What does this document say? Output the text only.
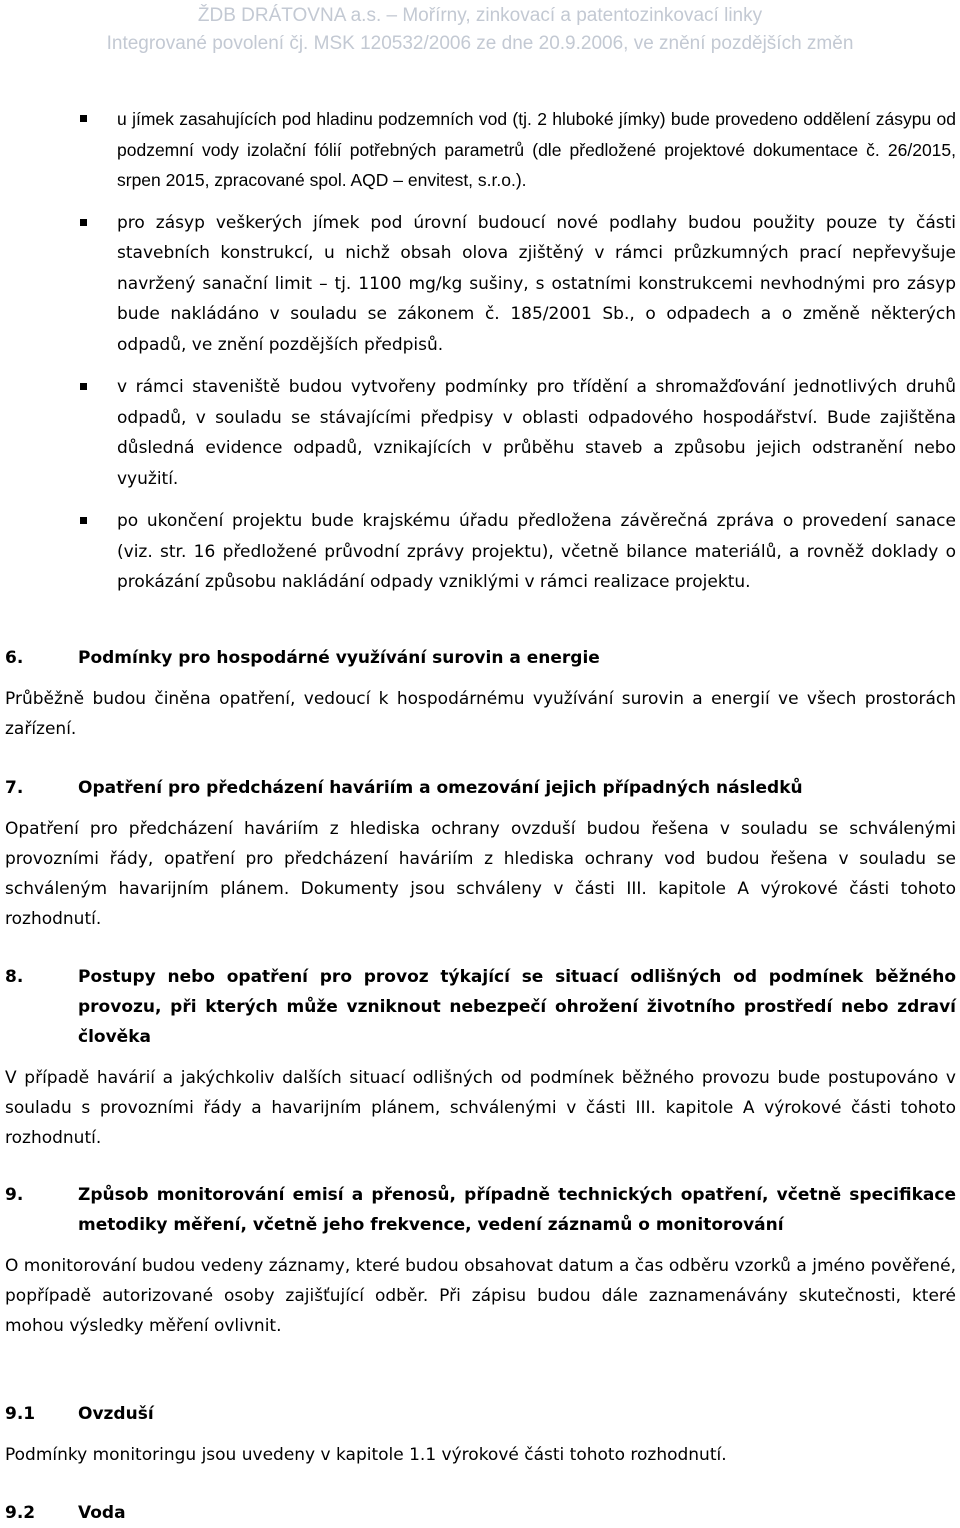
ŽDB DRÁTOVNA a.s. – Mořírny, zinkovací a patentozinkovací linky
Integrované povolení čj. MSK 120532/2006 ze dne 20.9.2006, ve znění pozdějších změn
u jímek zasahujících pod hladinu podzemních vod (tj. 2 hluboké jímky) bude provedeno oddělení zásypu od podzemní vody izolační fólií potřebných parametrů (dle předložené projektové dokumentace č. 26/2015, srpen 2015, zpracované spol. AQD – envitest, s.r.o.).
pro zásyp veškerých jímek pod úrovní budoucí nové podlahy budou použity pouze ty části stavebních konstrukcí, u nichž obsah olova zjištěný v rámci průzkumných prací nepřevyšuje navržený sanační limit – tj. 1100 mg/kg sušiny, s ostatními konstrukcemi nevhodnými pro zásyp bude nakládáno v souladu se zákonem č. 185/2001 Sb., o odpadech a o změně některých odpadů, ve znění pozdějších předpisů.
v rámci staveniště budou vytvořeny podmínky pro třídění a shromažďování jednotlivých druhů odpadů, v souladu se stávajícími předpisy v oblasti odpadového hospodářství. Bude zajištěna důsledná evidence odpadů, vznikajících v průběhu staveb a způsobu jejich odstranění nebo využití.
po ukončení projektu bude krajskému úřadu předložena závěrečná zpráva o provedení sanace (viz. str. 16 předložené průvodní zprávy projektu), včetně bilance materiálů, a rovněž doklady o prokázání způsobu nakládání odpady vzniklými v rámci realizace projektu.
6.	Podmínky pro hospodárné využívání surovin a energie
Průběžně budou činěna opatření, vedoucí k hospodárnému využívání surovin a energií ve všech prostorách zařízení.
7.	Opatření pro předcházení haváriím a omezování jejich případných následků
Opatření pro předcházení haváriím z hlediska ochrany ovzduší budou řešena v souladu se schválenými provozními řády, opatření pro předcházení haváriím z hlediska ochrany vod budou řešena v souladu se schváleným havarijním plánem. Dokumenty jsou schváleny v části III. kapitole A výrokové části tohoto rozhodnutí.
8.	Postupy nebo opatření pro provoz týkající se situací odlišných od podmínek běžného provozu, při kterých může vzniknout nebezpečí ohrožení životního prostředí nebo zdraví člověka
V případě havárií a jakýchkoliv dalších situací odlišných od podmínek běžného provozu bude postupováno v souladu s provozními řády a havarijním plánem, schválenými v části III. kapitole A výrokové části tohoto rozhodnutí.
9.	Způsob monitorování emisí a přenosů, případně technických opatření, včetně specifikace metodiky měření, včetně jeho frekvence, vedení záznamů o monitorování
O monitorování budou vedeny záznamy, které budou obsahovat datum a čas odběru vzorků a jméno pověřené, popřípadě autorizované osoby zajišťující odběr. Při zápisu budou dále zaznamenávány skutečnosti, které mohou výsledky měření ovlivnit.
9.1	Ovzduší
Podmínky monitoringu jsou uvedeny v kapitole 1.1 výrokové části tohoto rozhodnutí.
9.2	Voda
